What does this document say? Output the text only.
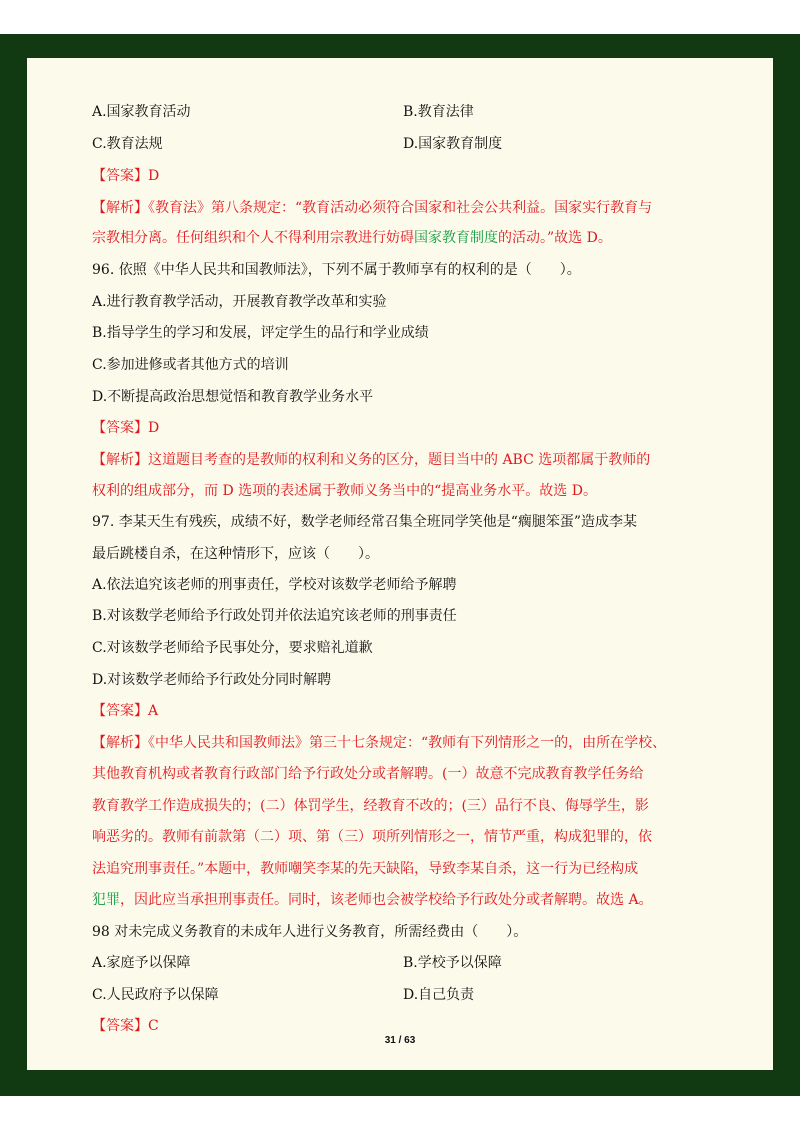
A.国家教育活动	B.教育法律
C.教育法规	D.国家教育制度
【答案】D
【解析】《教育法》第八条规定：“教育活动必须符合国家和社会公共利益。国家实行教育与
宗教相分离。任何组织和个人不得利用宗教进行妨碍国家教育制度的活动。”故选 D。
96. 依照《中华人民共和国教师法》，下列不属于教师享有的权利的是（　　）。
A.进行教育教学活动，开展教育教学改革和实验
B.指导学生的学习和发展，评定学生的品行和学业成绩
C.参加进修或者其他方式的培训
D.不断提高政治思想觉悟和教育教学业务水平
【答案】D
【解析】这道题目考查的是教师的权利和义务的区分，题目当中的 ABC 选项都属于教师的
权利的组成部分，而 D 选项的表述属于教师义务当中的“提高业务水平。故选 D。
97. 李某天生有残疾，成绩不好，数学老师经常召集全班同学笑他是“瘸腿笨蛋”造成李某
最后跳楼自杀，在这种情形下，应该（　　）。
A.依法追究该老师的刑事责任，学校对该数学老师给予解聘
B.对该数学老师给予行政处罚并依法追究该老师的刑事责任
C.对该数学老师给予民事处分，要求赔礼道歉
D.对该数学老师给予行政处分同时解聘
【答案】A
【解析】《中华人民共和国教师法》第三十七条规定：“教师有下列情形之一的，由所在学校、
其他教育机构或者教育行政部门给予行政处分或者解聘。(一）故意不完成教育教学任务给
教育教学工作造成损失的；(二）体罚学生，经教育不改的；(三）品行不良、侮辱学生，影
响恶劣的。教师有前款第（二）项、第（三）项所列情形之一，情节严重，构成犯罪的，依
法追究刑事责任。”本题中，教师嘲笑李某的先天缺陷，导致李某自杀，这一行为已经构成
犯罪，因此应当承担刑事责任。同时，该老师也会被学校给予行政处分或者解聘。故选 A。
98 对未完成义务教育的未成年人进行义务教育，所需经费由（　　）。
A.家庭予以保障	B.学校予以保障
C.人民政府予以保障	D.自己负责
【答案】C
31 / 63
